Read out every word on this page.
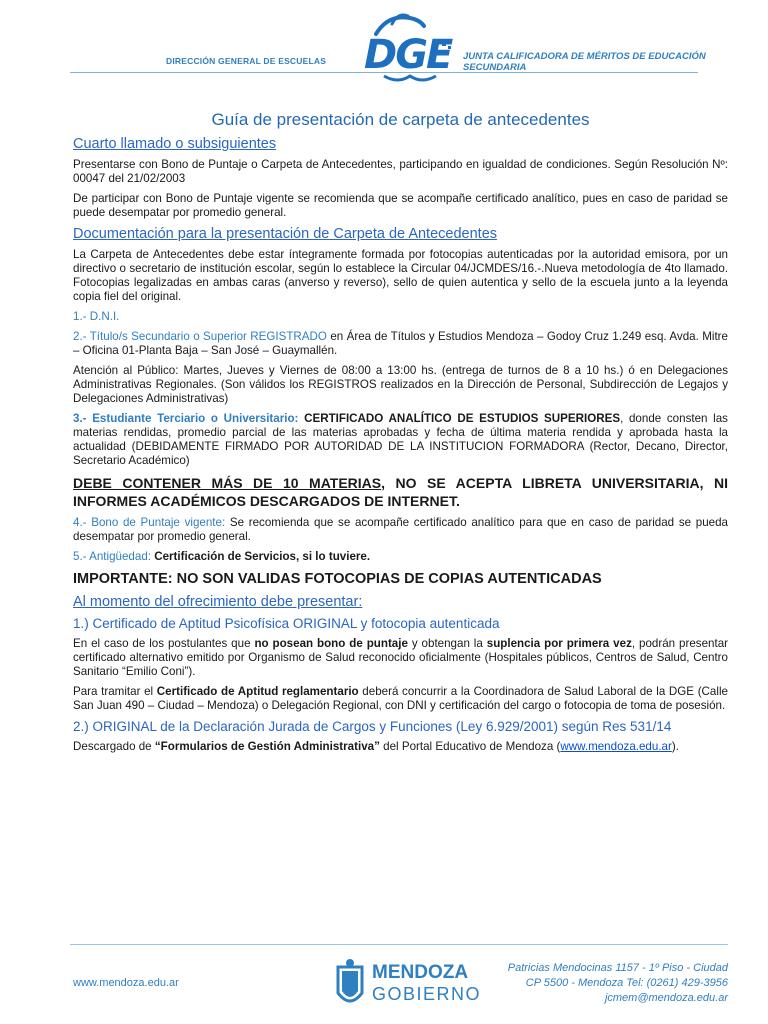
DIRECCIÓN GENERAL DE ESCUELAS DGE JUNTA CALIFICADORA DE MÉRITOS DE EDUCACIÓN
SECUNDARIA
Guía de presentación de carpeta de antecedentes
Cuarto llamado o subsiguientes

Presentarse con Bono de Puntaje o Carpeta de Antecedentes, participando en igualdad de condiciones. Según Resolución Nº: 00047 del 21/02/2003

De participar con Bono de Puntaje vigente se recomienda que se acompañe certificado analítico, pues en caso de paridad se puede desempatar por promedio general.

Documentación para la presentación de Carpeta de Antecedentes

La Carpeta de Antecedentes debe estar íntegramente formada por fotocopias autenticadas por la autoridad emisora, por un directivo o secretario de institución escolar, según lo establece la Circular 04/JCMDES/16.-.Nueva metodología de 4to llamado. Fotocopias legalizadas en ambas caras (anverso y reverso), sello de quien autentica y sello de la escuela junto a la leyenda copia fiel del original.

1.- D.N.I.

2.- Título/s Secundario o Superior REGISTRADO en Área de Títulos y Estudios Mendoza – Godoy Cruz 1.249 esq. Avda. Mitre – Oficina 01-Planta Baja – San José – Guaymallén.

Atención al Público: Martes, Jueves y Viernes de 08:00 a 13:00 hs. (entrega de turnos de 8 a 10 hs.) ó en Delegaciones Administrativas Regionales. (Son válidos los REGISTROS realizados en la Dirección de Personal, Subdirección de Legajos y Delegaciones Administrativas)

3.- Estudiante Terciario o Universitario: CERTIFICADO ANALÍTICO DE ESTUDIOS SUPERIORES, donde consten las materias rendidas, promedio parcial de las materias aprobadas y fecha de última materia rendida y aprobada hasta la actualidad (DEBIDAMENTE FIRMADO POR AUTORIDAD DE LA INSTITUCION FORMADORA (Rector, Decano, Director, Secretario Académico)

DEBE CONTENER MÁS DE 10 MATERIAS, NO SE ACEPTA LIBRETA UNIVERSITARIA, NI INFORMES ACADÉMICOS DESCARGADOS DE INTERNET.

4.- Bono de Puntaje vigente: Se recomienda que se acompañe certificado analítico para que en caso de paridad se pueda desempatar por promedio general.

5.- Antigüedad: Certificación de Servicios, si lo tuviere.

IMPORTANTE: NO SON VALIDAS FOTOCOPIAS DE COPIAS AUTENTICADAS

Al momento del ofrecimiento debe presentar:
1.) Certificado de Aptitud Psicofísica ORIGINAL y fotocopia autenticada

En el caso de los postulantes que no posean bono de puntaje y obtengan la suplencia por primera vez, podrán presentar certificado alternativo emitido por Organismo de Salud reconocido oficialmente (Hospitales públicos, Centros de Salud, Centro Sanitario “Emilio Coni”).

Para tramitar el Certificado de Aptitud reglamentario deberá concurrir a la Coordinadora de Salud Laboral de la DGE (Calle San Juan 490 – Ciudad – Mendoza) o Delegación Regional, con DNI y certificación del cargo o fotocopia de toma de posesión.

2.) ORIGINAL de la Declaración Jurada de Cargos y Funciones (Ley 6.929/2001) según Res 531/14

Descargado de “Formularios de Gestión Administrativa” del Portal Educativo de Mendoza (www.mendoza.edu.ar).

www.mendoza.edu.ar	MENDOZA
GOBIERNO
Patricias Mendocinas 1157 - 1º Piso - Ciudad
CP 5500 - Mendoza Tel: (0261) 429-3956
jcmem@mendoza.edu.ar
